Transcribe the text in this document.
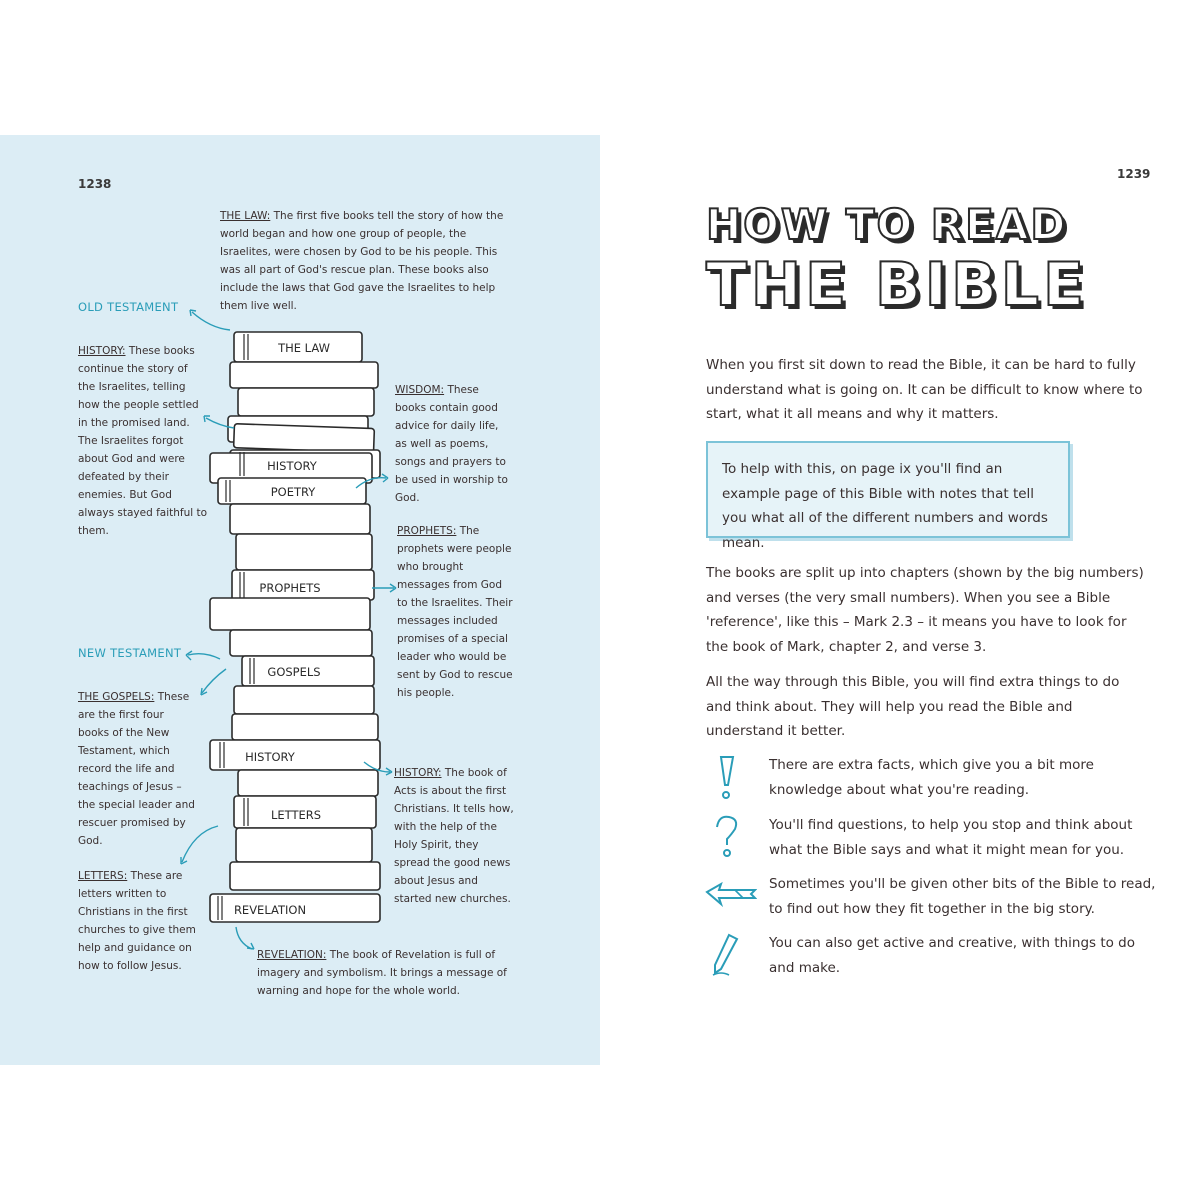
1238
THE LAW: The first five books tell the story of how the world began and how one group of people, the Israelites, were chosen by God to be his people. This was all part of God's rescue plan. These books also include the laws that God gave the Israelites to help them live well.
OLD TESTAMENT
HISTORY: These books continue the story of the Israelites, telling how the people settled in the promised land. The Israelites forgot about God and were defeated by their enemies. But God always stayed faithful to them.
WISDOM: These books contain good advice for daily life, as well as poems, songs and prayers to be used in worship to God.
PROPHETS: The prophets were people who brought messages from God to the Israelites. Their messages included promises of a special leader who would be sent by God to rescue his people.
NEW TESTAMENT
THE GOSPELS: These are the first four books of the New Testament, which record the life and teachings of Jesus – the special leader and rescuer promised by God.
HISTORY: The book of Acts is about the first Christians. It tells how, with the help of the Holy Spirit, they spread the good news about Jesus and started new churches.
LETTERS: These are letters written to Christians in the first churches to give them help and guidance on how to follow Jesus.
REVELATION: The book of Revelation is full of imagery and symbolism. It brings a message of warning and hope for the whole world.
THE LAW
HISTORY
POETRY
PROPHETS
GOSPELS
HISTORY
LETTERS
REVELATION
1239
HOW TO READ
THE BIBLE
When you first sit down to read the Bible, it can be hard to fully understand what is going on. It can be difficult to know where to start, what it all means and why it matters.
To help with this, on page ix you'll find an example page of this Bible with notes that tell you what all of the different numbers and words mean.
The books are split up into chapters (shown by the big numbers) and verses (the very small numbers). When you see a Bible 'reference', like this – Mark 2.3 – it means you have to look for the book of Mark, chapter 2, and verse 3.
All the way through this Bible, you will find extra things to do and think about. They will help you read the Bible and understand it better.
There are extra facts, which give you a bit more knowledge about what you're reading.
You'll find questions, to help you stop and think about what the Bible says and what it might mean for you.
Sometimes you'll be given other bits of the Bible to read, to find out how they fit together in the big story.
You can also get active and creative, with things to do and make.
